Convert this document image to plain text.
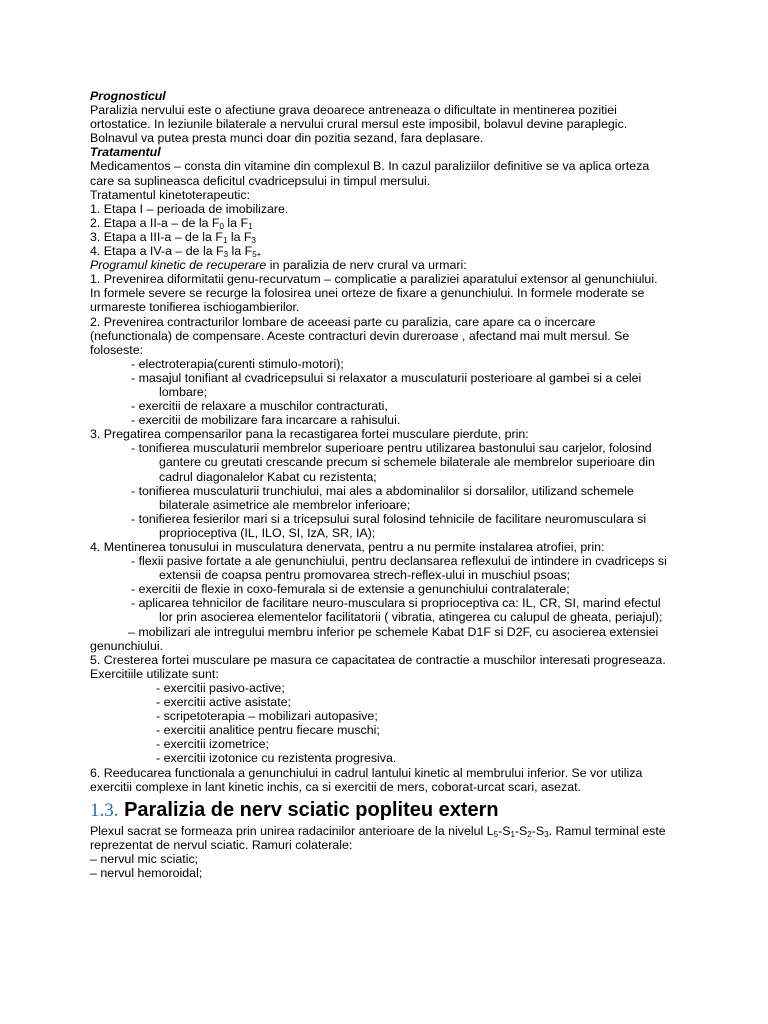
Prognosticul
Paralizia nervului este o afectiune grava deoarece antreneaza o dificultate in mentinerea pozitiei
ortostatice. In leziunile bilaterale a nervului crural mersul este imposibil, bolavul devine paraplegic.
Bolnavul va putea presta munci doar din pozitia sezand, fara deplasare.
Tratamentul
Medicamentos – consta din vitamine din complexul B. In cazul paraliziilor definitive se va aplica orteza
care sa suplineasca deficitul cvadricepsului in timpul mersului.
Tratamentul kinetoterapeutic:
1. Etapa I – perioada de imobilizare.
2. Etapa a II-a – de la $F_0$ la $F_1$
3. Etapa a III-a – de la $F_1$ la $F_3$
4. Etapa a IV-a – de la $F_3$ la $F_{5+}$
Programul kinetic de recuperare in paralizia de nerv crural va urmari:
1. Prevenirea diformitatii genu-recurvatum – complicatie a paraliziei aparatului extensor al genunchiului.
In formele severe se recurge la folosirea unei orteze de fixare a genunchiului. In formele moderate se
urmareste tonifierea ischiogambierilor.
2. Prevenirea contracturilor lombare de aceeasi parte cu paralizia, care apare ca o incercare
(nefunctionala) de compensare. Aceste contracturi devin dureroase , afectand mai mult mersul. Se
foloseste:
- electroterapia(curenti stimulo-motori);
- masajul tonifiant al cvadricepsului si relaxator a musculaturii posterioare al gambei si a celei
lombare;
- exercitii de relaxare a muschilor contracturati,
- exercitii de mobilizare fara incarcare a rahisului.
3. Pregatirea compensarilor pana la recastigarea fortei musculare pierdute, prin:
- tonifierea musculaturii membrelor superioare pentru utilizarea bastonului sau carjelor, folosind
gantere cu greutati crescande precum si schemele bilaterale ale membrelor superioare din
cadrul diagonalelor Kabat cu rezistenta;
- tonifierea musculaturii trunchiului, mai ales a abdominalilor si dorsalilor, utilizand schemele
bilaterale asimetrice ale membrelor inferioare;
- tonifierea fesierilor mari si a tricepsului sural folosind tehnicile de facilitare neuromusculara si
proprioceptiva (IL, ILO, SI, IzA, SR, IA);
4. Mentinerea tonusului in musculatura denervata, pentru a nu permite instalarea atrofiei, prin:
- flexii pasive fortate a ale genunchiului, pentru declansarea reflexului de intindere in cvadriceps si
extensii de coapsa pentru promovarea strech-reflex-ului in muschiul psoas;
- exercitii de flexie in coxo-femurala si de extensie a genunchiului contralaterale;
- aplicarea tehnicilor de facilitare neuro-musculara si proprioceptiva ca: IL, CR, SI, marind efectul
lor prin asocierea elementelor facilitatorii ( vibratia, atingerea cu calupul de gheata, periajul);
– mobilizari ale intregului membru inferior pe schemele Kabat D1F si D2F, cu asocierea extensiei
genunchiului.
5. Cresterea fortei musculare pe masura ce capacitatea de contractie a muschilor interesati progreseaza.
Exercitiile utilizate sunt:
- exercitii pasivo-active;
- exercitii active asistate;
- scripetoterapia – mobilizari autopasive;
- exercitii analitice pentru fiecare muschi;
- exercitii izometrice;
- exercitii izotonice cu rezistenta progresiva.
6. Reeducarea functionala a genunchiului in cadrul lantului kinetic al membrului inferior. Se vor utiliza
exercitii complexe in lant kinetic inchis, ca si exercitii de mers, coborat-urcat scari, asezat.
1.3. Paralizia de nerv sciatic popliteu extern
Plexul sacrat se formeaza prin unirea radacinilor anterioare de la nivelul $L_5-S_1-S_2-S_3$. Ramul terminal este
reprezentat de nervul sciatic. Ramuri colaterale:
– nervul mic sciatic;
– nervul hemoroidal;
